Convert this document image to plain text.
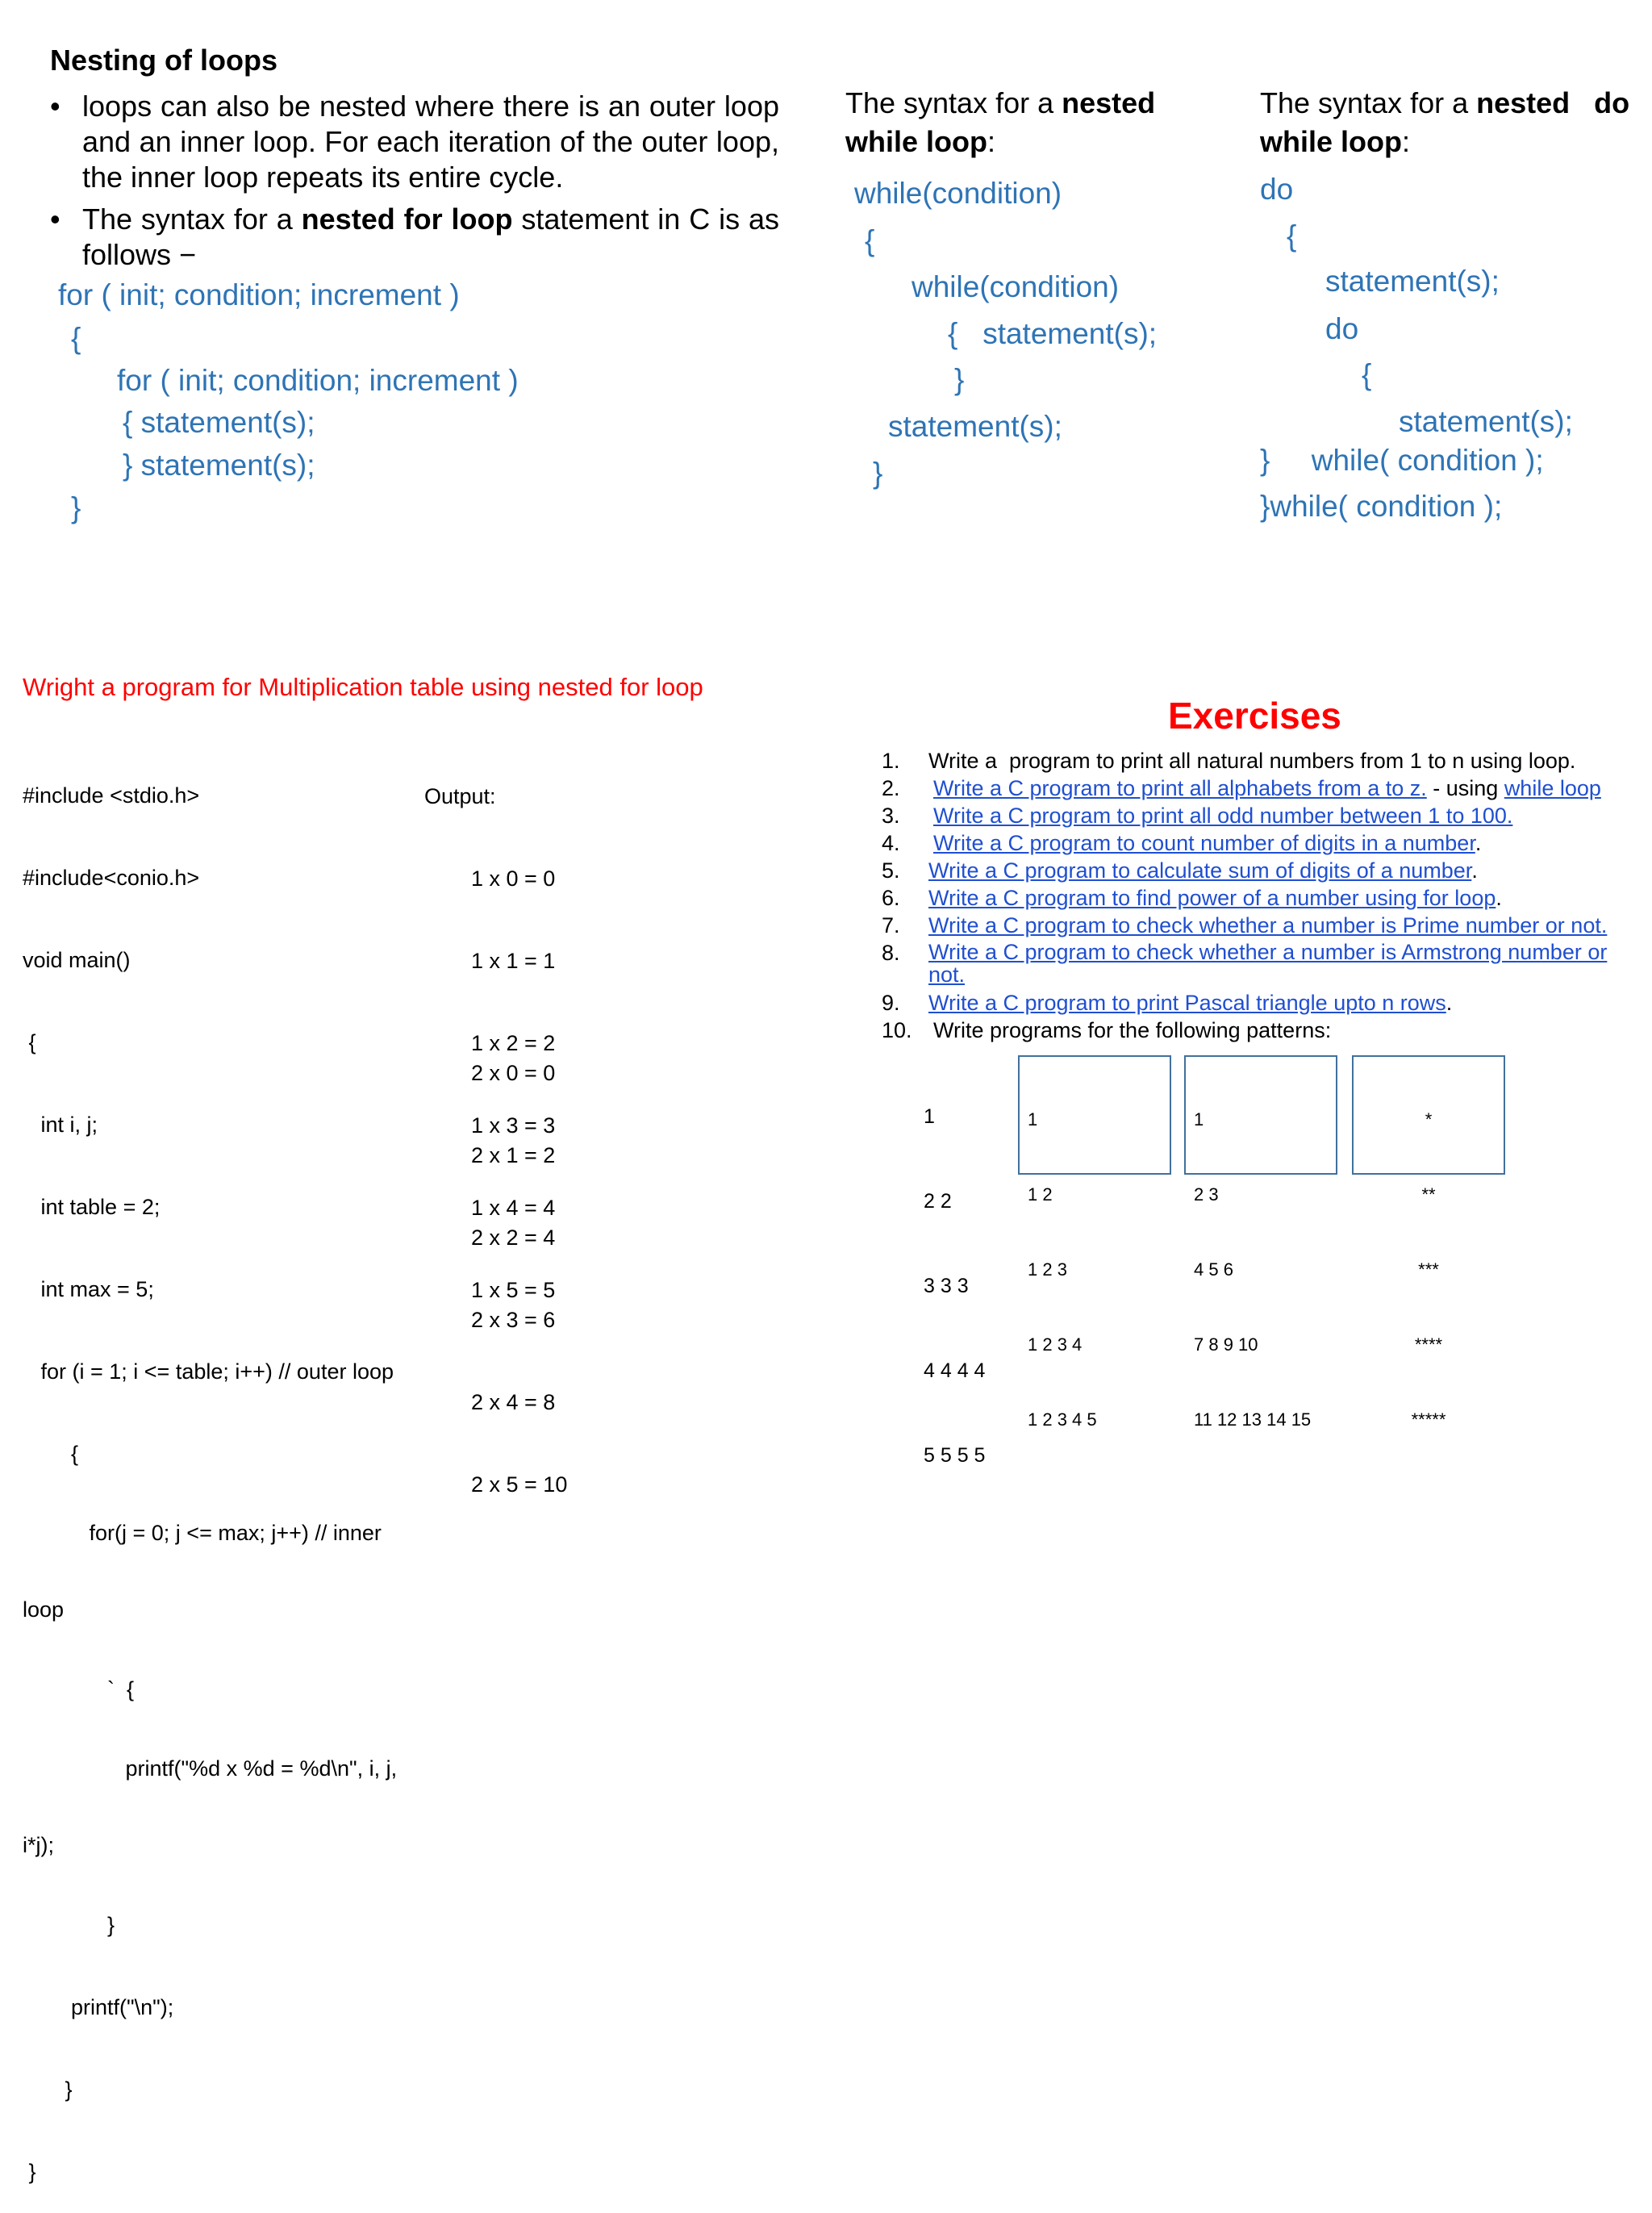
Nesting of loops
• loops can also be nested where there is an outer loop and an inner loop. For each iteration of the outer loop, the inner loop repeats its entire cycle.
• The syntax for a nested for loop statement in C is as follows −
for ( init; condition; increment )
{
for ( init; condition; increment )
{ statement(s);
} statement(s);
}
The syntax for a nested
while loop:
while(condition)
{
while(condition)
{   statement(s);
}
statement(s);
}
The syntax for a nested   do
while loop:
do
{
statement(s);
do
{
statement(s);
}     while( condition );
}while( condition );
Wright a program for Multiplication table using nested for loop

#include <stdio.h>

#include<conio.h>

void main()

{

int i, j;

int table = 2;

int max = 5;

for (i = 1; i <= table; i++) // outer loop

{

for(j = 0; j <= max; j++) // inner

loop

`  {

printf("%d x %d = %d\n", i, j,

i*j);

}

printf("\n");

}

}

Output:

1 x 0 = 0

1 x 1 = 1

1 x 2 = 2

1 x 3 = 3

1 x 4 = 4

1 x 5 = 5

2 x 0 = 0

2 x 1 = 2

2 x 2 = 4

2 x 3 = 6

2 x 4 = 8

2 x 5 = 10

Exercises
1. Write a  program to print all natural numbers from 1 to n using loop.
2. Write a C program to print all alphabets from a to z. - using while loop
3. Write a C program to print all odd number between 1 to 100.
4. Write a C program to count number of digits in a number.
5. Write a C program to calculate sum of digits of a number.
6. Write a C program to find power of a number using for loop.
7. Write a C program to check whether a number is Prime number or not.
8. Write a C program to check whether a number is Armstrong number or
not.
9. Write a C program to print Pascal triangle upto n rows.
10. Write programs for the following patterns:

1

2 2

3 3 3

4 4 4 4

5 5 5 5

1

1 2

1 2 3

1 2 3 4

1 2 3 4 5

1

2 3

4 5 6

7 8 9 10

11 12 13 14 15

*

**

***

****

*****
